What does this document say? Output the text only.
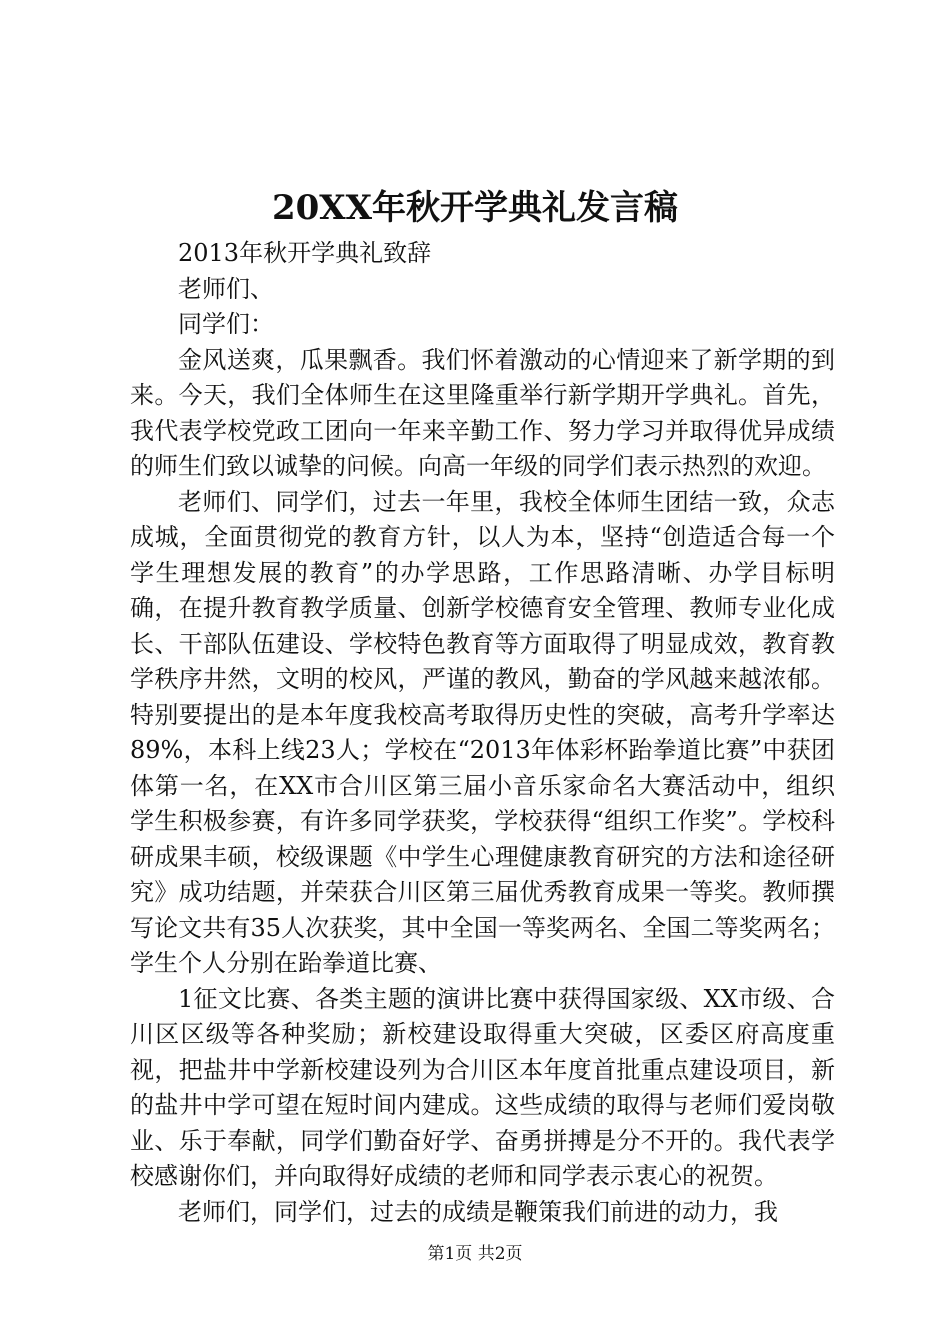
20XX年秋开学典礼发言稿

2013年秋开学典礼致辞

老师们、

同学们：

金风送爽，瓜果飘香。我们怀着激动的心情迎来了新学期的到来。今天，我们全体师生在这里隆重举行新学期开学典礼。首先，我代表学校党政工团向一年来辛勤工作、努力学习并取得优异成绩的师生们致以诚挚的问候。向高一年级的同学们表示热烈的欢迎。

老师们、同学们，过去一年里，我校全体师生团结一致，众志成城，全面贯彻党的教育方针，以人为本，坚持“创造适合每一个学生理想发展的教育”的办学思路，工作思路清晰、办学目标明确，在提升教育教学质量、创新学校德育安全管理、教师专业化成长、干部队伍建设、学校特色教育等方面取得了明显成效，教育教学秩序井然，文明的校风，严谨的教风，勤奋的学风越来越浓郁。特别要提出的是本年度我校高考取得历史性的突破，高考升学率达89%，本科上线23人；学校在“2013年体彩杯跆拳道比赛”中获团体第一名，在XX市合川区第三届小音乐家命名大赛活动中，组织学生积极参赛，有许多同学获奖，学校获得“组织工作奖”。学校科研成果丰硕，校级课题《中学生心理健康教育研究的方法和途径研究》成功结题，并荣获合川区第三届优秀教育成果一等奖。教师撰写论文共有35人次获奖，其中全国一等奖两名、全国二等奖两名；学生个人分别在跆拳道比赛、

1征文比赛、各类主题的演讲比赛中获得国家级、XX市级、合川区区级等各种奖励；新校建设取得重大突破，区委区府高度重视，把盐井中学新校建设列为合川区本年度首批重点建设项目，新的盐井中学可望在短时间内建成。这些成绩的取得与老师们爱岗敬业、乐于奉献，同学们勤奋好学、奋勇拼搏是分不开的。我代表学校感谢你们，并向取得好成绩的老师和同学表示衷心的祝贺。

老师们，同学们，过去的成绩是鞭策我们前进的动力，我

第1页 共2页
